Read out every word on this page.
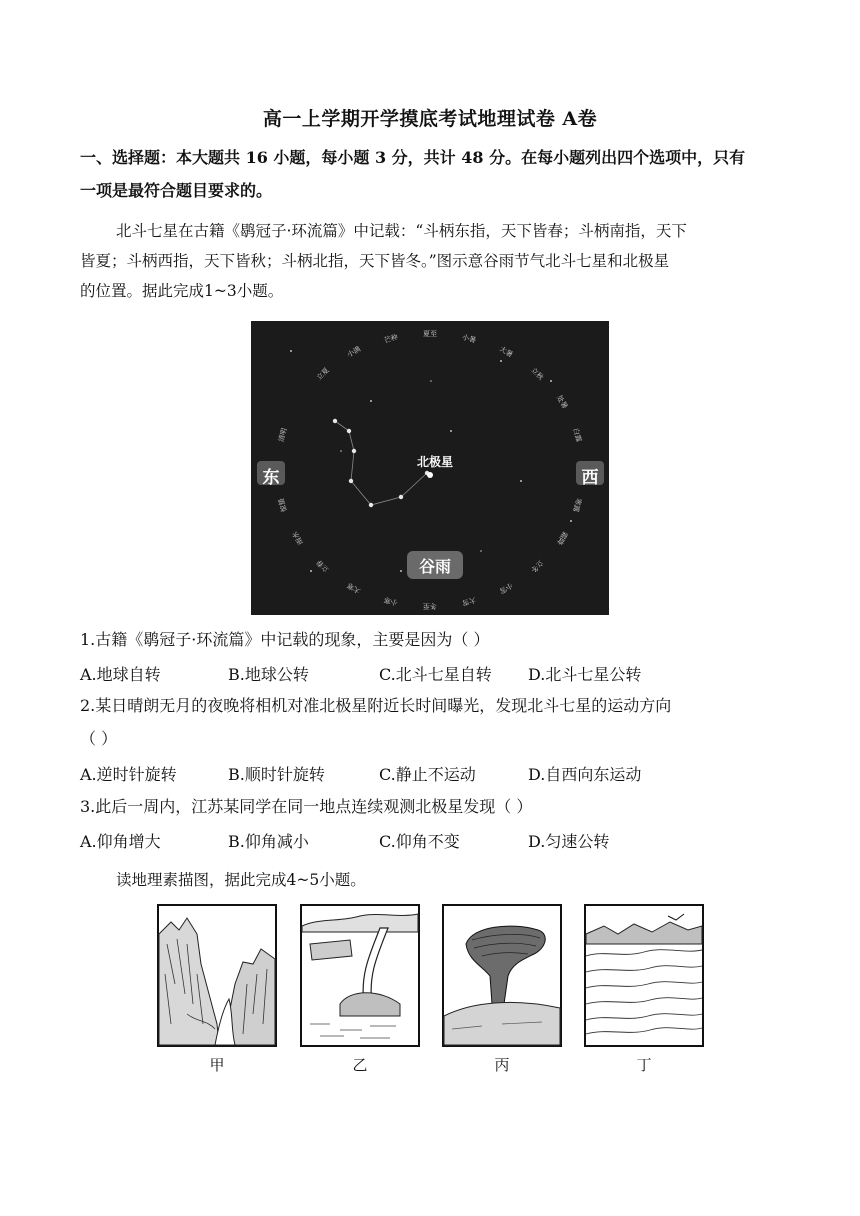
高一上学期开学摸底考试地理试卷 A卷
一、选择题：本大题共 16 小题，每小题 3 分，共计 48 分。在每小题列出四个选项中，只有
一项是最符合题目要求的。
北斗七星在古籍《鹖冠子·环流篇》中记载：“斗柄东指，天下皆春；斗柄南指，天下
皆夏；斗柄西指，天下皆秋；斗柄北指，天下皆冬。”图示意谷雨节气北斗七星和北极星
的位置。据此完成1~3小题。
夏至	小暑
大暑
立秋
处暑
白露
寒露
霜降
立冬
小雪
大雪
冬至
小寒
大寒
立春
雨水
惊蛰
清明
立夏
小满
芒种
东	西
北极星
谷雨
1.古籍《鹖冠子·环流篇》中记载的现象，主要是因为（ ）
A.地球自转	B.地球公转	C.北斗七星自转 D.北斗七星公转
2.某日晴朗无月的夜晚将相机对准北极星附近长时间曝光，发现北斗七星的运动方向
（ ）
A.逆时针旋转	B.顺时针旋转	C.静止不运动	D.自西向东运动
3.此后一周内，江苏某同学在同一地点连续观测北极星发现（ ）
A.仰角增大	B.仰角减小	C.仰角不变	D.匀速公转
读地理素描图，据此完成4~5小题。
甲	乙	丙	丁
